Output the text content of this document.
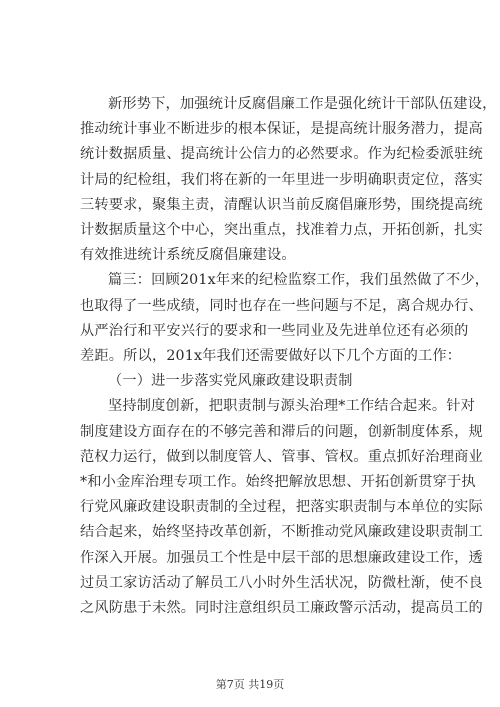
新形势下，加强统计反腐倡廉工作是强化统计干部队伍建设，
推动统计事业不断进步的根本保证，是提高统计服务潜力，提高
统计数据质量、提高统计公信力的必然要求。作为纪检委派驻统
计局的纪检组，我们将在新的一年里进一步明确职责定位，落实
三转要求，聚集主责，清醒认识当前反腐倡廉形势，围绕提高统
计数据质量这个中心，突出重点，找准着力点，开拓创新，扎实
有效推进统计系统反腐倡廉建设。

篇三：回顾201x年来的纪检监察工作，我们虽然做了不少，
也取得了一些成绩，同时也存在一些问题与不足，离合规办行、
从严治行和平安兴行的要求和一些同业及先进单位还有必须的
差距。所以，201x年我们还需要做好以下几个方面的工作：

（一）进一步落实党风廉政建设职责制

坚持制度创新，把职责制与源头治理*工作结合起来。针对
制度建设方面存在的不够完善和滞后的问题，创新制度体系，规
范权力运行，做到以制度管人、管事、管权。重点抓好治理商业
*和小金库治理专项工作。始终把解放思想、开拓创新贯穿于执
行党风廉政建设职责制的全过程，把落实职责制与本单位的实际
结合起来，始终坚持改革创新，不断推动党风廉政建设职责制工
作深入开展。加强员工个性是中层干部的思想廉政建设工作，透
过员工家访活动了解员工八小时外生活状况，防微杜渐，使不良
之风防患于未然。同时注意组织员工廉政警示活动，提高员工的

第7页 共19页
